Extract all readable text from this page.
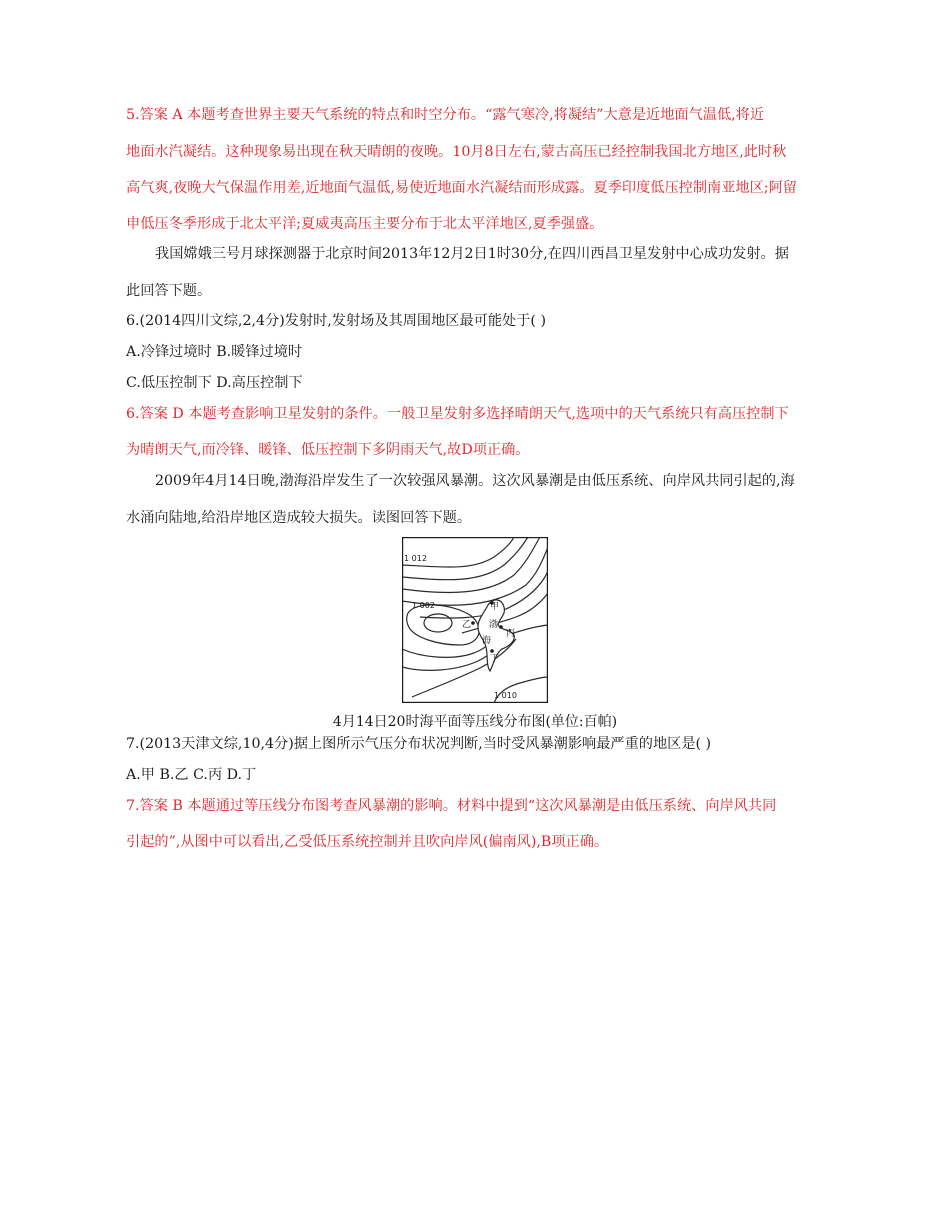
5.答案 A 本题考查世界主要天气系统的特点和时空分布。“露气寒冷,将凝结”大意是近地面气温低,将近
地面水汽凝结。这种现象易出现在秋天晴朗的夜晚。10月8日左右,蒙古高压已经控制我国北方地区,此时秋
高气爽,夜晚大气保温作用差,近地面气温低,易使近地面水汽凝结而形成露。夏季印度低压控制南亚地区;阿留
申低压冬季形成于北太平洋;夏威夷高压主要分布于北太平洋地区,夏季强盛。
我国嫦娥三号月球探测器于北京时间2013年12月2日1时30分,在四川西昌卫星发射中心成功发射。据
此回答下题。
6.(2014四川文综,2,4分)发射时,发射场及其周围地区最可能处于( )
A.冷锋过境时 B.暖锋过境时
C.低压控制下 D.高压控制下
6.答案 D 本题考查影响卫星发射的条件。一般卫星发射多选择晴朗天气,选项中的天气系统只有高压控制下
为晴朗天气,而冷锋、暖锋、低压控制下多阴雨天气,故D项正确。
2009年4月14日晚,渤海沿岸发生了一次较强风暴潮。这次风暴潮是由低压系统、向岸风共同引起的,海
水涌向陆地,给沿岸地区造成较大损失。读图回答下题。
1 012
1 002
1 010
甲
乙
丙
丁
渤
海
4月14日20时海平面等压线分布图(单位:百帕)
7.(2013天津文综,10,4分)据上图所示气压分布状况判断,当时受风暴潮影响最严重的地区是( )
A.甲 B.乙 C.丙 D.丁
7.答案 B 本题通过等压线分布图考查风暴潮的影响。材料中提到“这次风暴潮是由低压系统、向岸风共同
引起的”,从图中可以看出,乙受低压系统控制并且吹向岸风(偏南风),B项正确。
